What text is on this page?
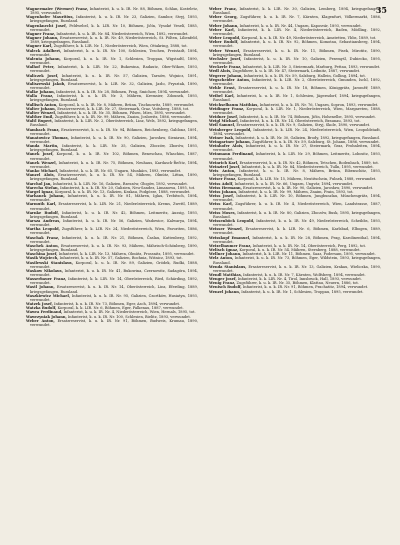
35

Wagnermaier (Wermer) Franz, Infanterist, k. u. k. IR. Nr. 88, Böhmen, Schlan, Kosteletz, 1895, verwundet.

Wagenhofer Mauritius, Infanterist, k. u. k. IR. Nr. 23, Galizien, Sambor, Stryj, 1893, kriegsgefangen, Russland.

Wagenknecht Josef, Feldwebel, k. k. LIR. Nr. 10, Böhmen, Jičín, Vysoké Veselí, 1885, verwundet.

Wagner Franz, Infanterist, k. u. k. IR. Nr. 84, Niederösterreich, Wien, 1892, verwundet.

Wagner Johann, Ersatzreservist, k. u. k. IR. Nr. 49, Niederösterreich, St. Pölten, Lilienfeld, 1889, kriegsgefangen, Russland.

Wagner Karl, Zugsführer, k. k. LIR. Nr. 1, Niederösterreich, Wien, Ottakring, 1888, tot.

Waleck Adalbert, Infanterist, k. u. k. IR. Nr. 100, Schlesien, Teschen, Freistadt, 1894, verwundet.

Walenta Johann, Korporal, k. u. k. IR. Nr. 1, Schlesien, Troppau, Wigstadtl, 1890, verwundet.

Walhof Peter, Infanterist, k. k. LIR. Nr. 22, Bukowina, Radautz, Ober-Wikow, 1893, verwundet.

Waliczek Josef, Infanterist, k. u. k. IR. Nr. 57, Galizien, Tarnów, Wojnicz, 1891, kriegsgefangen, Russland.

Waliszewski Jakob, Ersatzreservist, k. k. LIR. Nr. 32, Galizien, Jasło, Frysztak, 1890, verwundet.

Walke Johann, Infanterist, k. u. k. IR. Nr. 28, Böhmen, Prag, Smichow, 1894, verwundet.

Walla Franz, Infanterist, k. u. k. IR. Nr. 3, Mähren, Kremsier, Zdounek, 1893, kriegsgefangen, Russland.

Wallisch Anton, Korporal, k. u. k. IR. Nr. 8, Mähren, Brünn, Tischnowitz, 1889, verwundet.

Walter Johann, Ersatzreservist, k. k. LIR. Nr. 27, Steiermark, Graz, Voitsberg, 1888, tot.

Walter Wenzel, Infanterist, k. u. k. IR. Nr. 35, Böhmen, Pilsen, Mies, 1895, verwundet.

Walther Emil, Zugsführer, k. u. k. IR. Nr. 99, Mähren, Znaim, Joslowitz, 1886, verwundet.

Waltl Rupert, Infanterist, k. k. LIR. Nr. 2, Oberösterreich, Linz, Wels, 1892, kriegsgefangen, Russland.

Wambach Franz, Ersatzreservist, k. u. k. IR. Nr. 94, Böhmen, Reichenberg, Gablonz, 1891, verwundet.

Wanatowicz Thomas, Infanterist, k. u. k. IR. Nr. 90, Galizien, Jarosław, Sieniawa, 1894, verwundet.

Wanda Martin, Infanterist, k. k. LIR. Nr. 35, Galizien, Złoczów, Zborów, 1893, kriegsgefangen, Russland.

Wanek Josef, Korporal, k. u. k. IR. Nr. 102, Böhmen, Beneschau, Wlaschim, 1887, verwundet.

Wanek Wenzel, Infanterist, k. u. k. IR. Nr. 75, Böhmen, Neuhaus, Kardasch-Řečitz, 1894, verwundet.

Wanko Michael, Infanterist, k. u. k. IR. Nr. 65, Ungarn, Munkács, 1893, verwundet.

Wanzel Alois, Ersatzreservist, k. u. k. IR. Nr. 54, Mähren, Olmütz, Littau, 1890, kriegsgefangen, Russland.

Warchol Jan, Infanterist, k. k. LIR. Nr. 16, Galizien, Rzeszów, Głogów, 1892, verwundet.

Warecha Stefan, Infanterist, k. u. k. IR. Nr. 20, Galizien, Neu-Sandez, Limanowa, 1895, tot.

Wargel Ignaz, Korporal, k. u. k. IR. Nr. 13, Galizien, Krakau, Podgórze, 1888, verwundet.

Warhanek Johann, Infanterist, k. u. k. IR. Nr. 81, Mähren, Iglau, Trebitsch, 1894, verwundet.

Warmuth Karl, Ersatzreservist, k. k. LIR. Nr. 21, Niederösterreich, Krems, Zwettl, 1889, verwundet.

Warnke Rudolf, Infanterist, k. u. k. IR. Nr. 42, Böhmen, Leitmeritz, Aussig, 1893, kriegsgefangen, Russland.

Warsza Andreas, Infanterist, k. u. k. IR. Nr. 56, Galizien, Wadowice, Kalwarya, 1894, verwundet.

Wartha Leopold, Zugsführer, k. k. LIR. Nr. 24, Niederösterreich, Wien, Favoriten, 1886, verwundet.

Waschak Franz, Infanterist, k. u. k. IR. Nr. 21, Böhmen, Časlau, Kuttenberg, 1892, verwundet.

Waschek Anton, Ersatzreservist, k. u. k. IR. Nr. 93, Mähren, Mährisch-Schönberg, 1890, kriegsgefangen, Russland.

Waschina Josef, Infanterist, k. k. LIR. Nr. 13, Mähren, Olmütz, Prossnitz, 1895, verwundet.

Wasik Wojciech, Infanterist, k. u. k. IR. Nr. 57, Galizien, Bochnia, Wiśnicz, 1893, tot.

Wasilewski Stanislaus, Korporal, k. u. k. IR. Nr. 89, Galizien, Gródek, Rudki, 1888, verwundet.

Waskow Nikolaus, Infanterist, k. u. k. IR. Nr. 41, Bukowina, Czernowitz, Sadagóra, 1894, verwundet.

Wasserbauer Franz, Infanterist, k. k. LIR. Nr. 14, Oberösterreich, Ried, Schärding, 1892, verwundet.

Wastl Johann, Ersatzreservist, k. u. k. IR. Nr. 14, Oberösterreich, Linz, Eferding, 1889, kriegsgefangen, Russland.

Waszkiewicz Michael, Infanterist, k. u. k. IR. Nr. 95, Galizien, Czortków, Husiatyn, 1893, verwundet.

Watzek Josef, Infanterist, k. u. k. IR. Nr. 73, Böhmen, Eger, Asch, 1894, verwundet.

Watzka Rudolf, Korporal, k. k. LIR. Nr. 6, Böhmen, Eger, Falkenau, 1887, verwundet.

Wawra Ferdinand, Infanterist, k. u. k. IR. Nr. 4, Niederösterreich, Wien, Hernals, 1895, tot.

Wawrzyniak Johann, Infanterist, k. u. k. IR. Nr. 100, Schlesien, Bielitz, 1893, verwundet.

Weber Anton, Ersatzreservist, k. u. k. IR. Nr. 91, Böhmen, Budweis, Krumau, 1890, verwundet.

Weber Franz, Infanterist, k. k. LIR. Nr. 30, Galizien, Lemberg, 1894, kriegsgefangen, Russland.

Weber Georg, Zugsführer, k. u. k. IR. Nr. 7, Kärnten, Klagenfurt, Völkermarkt, 1886, verwundet.

Weber Johann, Infanterist, k. u. k. IR. Nr. 44, Ungarn, Kaposvár, 1893, verwundet.

Weber Karl, Infanterist, k. k. LIR. Nr. 4, Niederösterreich, Baden, Mödling, 1892, verwundet.

Weber Leopold, Korporal, k. u. k. IR. Nr. 49, Niederösterreich, Amstetten, Ybbs, 1889, tot.

Weber Rudolf, Infanterist, k. u. k. IR. Nr. 92, Böhmen, Komotau, Sebastiansberg, 1894, verwundet.

Weber Wenzel, Ersatzreservist, k. u. k. IR. Nr. 11, Böhmen, Pisek, Mirotitz, 1890, kriegsgefangen, Russland.

Wechsler Josef, Infanterist, k. u. k. IR. Nr. 10, Galizien, Przemyśl, Dubiecko, 1895, verwundet.

Weckerle Franz, Infanterist, k. k. LIR. Nr. 3, Steiermark, Marburg, Pettau, 1893, verwundet.

Wedl Alois, Zugsführer, k. u. k. IR. Nr. 47, Steiermark, Leibnitz, 1887, verwundet.

Wegerer Johann, Infanterist, k. u. k. IR. Nr. 59, Salzburg, Hallein, Golling, 1894, tot.

Wegscheider Anton, Infanterist, k. k. LIR. Nr. 2, Oberösterreich, Gmunden, Ischl, 1892, verwundet.

Wehle Ernst, Ersatzreservist, k. u. k. IR. Nr. 18, Böhmen, Königgrätz, Jaroměř, 1889, verwundet.

Weibel Karl, Infanterist, k. u. k. IR. Nr. 1, Schlesien, Jägerndorf, 1894, kriegsgefangen, Russland.

Weichselbaum Matthias, Infanterist, k. u. k. IR. Nr. 76, Ungarn, Sopron, 1893, verwundet.

Weidinger Franz, Korporal, k. k. LIR. Nr. 1, Niederösterreich, Wien, Margareten, 1888, verwundet.

Weidner Josef, Infanterist, k. u. k. IR. Nr. 74, Böhmen, Jičín, Hohenelbe, 1895, verwundet.

Weigl Michael, Infanterist, k. u. k. IR. Nr. 14, Oberösterreich, Braunau, 1893, tot.

Weil Samuel, Ersatzreservist, k. u. k. IR. Nr. 9, Galizien, Stryj, Skole, 1890, verwundet.

Weinberger Leopold, Infanterist, k. k. LIR. Nr. 24, Niederösterreich, Wien, Leopoldstadt, 1894, verwundet.

Weiner Isak, Infanterist, k. u. k. IR. Nr. 30, Galizien, Brody, 1892, kriegsgefangen, Russland.

Weingartner Johann, Zugsführer, k. u. k. IR. Nr. 59, Salzburg, St. Johann, 1886, verwundet.

Weinhofer Alois, Infanterist, k. u. k. IR. Nr. 27, Steiermark, Graz, Frohnleiten, 1894, verwundet.

Weinmann Ferdinand, Infanterist, k. k. LIR. Nr. 29, Böhmen, Leitmeritz, Lobositz, 1893, verwundet.

Weinrich Karl, Ersatzreservist, k. u. k. IR. Nr. 42, Böhmen, Tetschen, Bodenbach, 1889, tot.

Weinzierl Josef, Infanterist, k. u. k. IR. Nr. 84, Niederösterreich, Tulln, 1895, verwundet.

Weis Anton, Infanterist, k. u. k. IR. Nr. 8, Mähren, Brünn, Eibenschitz, 1893, kriegsgefangen, Russland.

Weiser Franz, Korporal, k. k. LIR. Nr. 15, Mähren, Neutitschein, Fulnek, 1888, verwundet.

Weiss Adolf, Infanterist, k. u. k. IR. Nr. 66, Ungarn, Ungvár, 1894, verwundet.

Weiss Hermann, Ersatzreservist, k. u. k. IR. Nr. 90, Galizien, Jarosław, 1890, verwundet.

Weiss Johann, Infanterist, k. u. k. IR. Nr. 99, Mähren, Znaim, Frain, 1893, tot.

Weiss Josef, Infanterist, k. k. LIR. Nr. 10, Böhmen, Jungbunzlau, Münchengrätz, 1894, verwundet.

Weiss Karl, Zugsführer, k. u. k. IR. Nr. 4, Niederösterreich, Wien, Landstrasse, 1887, verwundet.

Weiss Moses, Infanterist, k. u. k. IR. Nr. 80, Galizien, Złoczów, Busk, 1895, kriegsgefangen, Russland.

Weissenböck Leopold, Infanterist, k. u. k. IR. Nr. 49, Niederösterreich, Scheibbs, 1893, verwundet.

Weisser Wenzel, Ersatzreservist, k. k. LIR. Nr. 6, Böhmen, Karlsbad, Elbogen, 1889, verwundet.

Weisskopf Emanuel, Infanterist, k. u. k. IR. Nr. 28, Böhmen, Prag, Karolinenthal, 1894, verwundet.

Weixelbaumer Franz, Infanterist, k. u. k. IR. Nr. 14, Oberösterreich, Perg, 1892, tot.

Welisch Ignaz, Korporal, k. u. k. IR. Nr. 54, Mähren, Sternberg, 1888, verwundet.

Wellner Johann, Infanterist, k. k. LIR. Nr. 11, Böhmen, Saaz, Podersam, 1895, verwundet.

Welz Anton, Infanterist, k. u. k. IR. Nr. 73, Böhmen, Eger, Wildstein, 1893, kriegsgefangen, Russland.

Wenda Stanislaus, Ersatzreservist, k. u. k. IR. Nr. 13, Galizien, Krakau, Wieliczka, 1890, verwundet.

Wendl Matthias, Infanterist, k. u. k. IR. Nr. 7, Kärnten, Wolfsberg, 1894, verwundet.

Wenger Josef, Infanterist, k. k. LIR. Nr. 4, Tirol, Innsbruck, Hall, 1893, verwundet.

Wenig Franz, Zugsführer, k. u. k. IR. Nr. 35, Böhmen, Klattau, Neuern, 1886, tot.

Wenisch Rudolf, Infanterist, k. u. k. IR. Nr. 91, Böhmen, Prachatitz, 1894, verwundet.

Wenzel Johann, Infanterist, k. u. k. IR. Nr. 1, Schlesien, Troppau, 1895, verwundet.
